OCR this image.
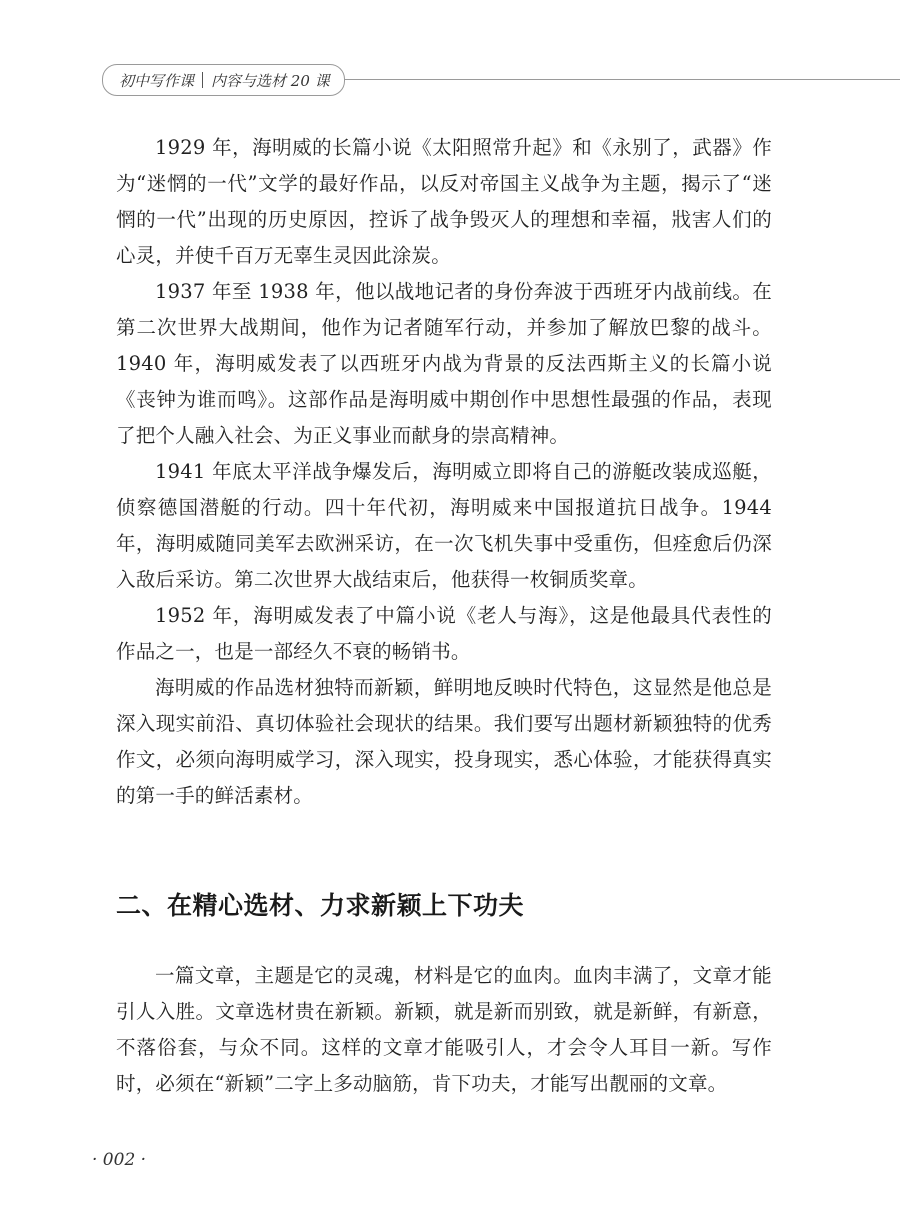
初中写作课 内容与选材 20 课

1929 年，海明威的长篇小说《太阳照常升起》和《永别了，武器》作为“迷惘的一代”文学的最好作品，以反对帝国主义战争为主题，揭示了“迷惘的一代”出现的历史原因，控诉了战争毁灭人的理想和幸福，戕害人们的心灵，并使千百万无辜生灵因此涂炭。

1937 年至 1938 年，他以战地记者的身份奔波于西班牙内战前线。在第二次世界大战期间，他作为记者随军行动，并参加了解放巴黎的战斗。1940 年，海明威发表了以西班牙内战为背景的反法西斯主义的长篇小说《丧钟为谁而鸣》。这部作品是海明威中期创作中思想性最强的作品，表现了把个人融入社会、为正义事业而献身的崇高精神。

1941 年底太平洋战争爆发后，海明威立即将自己的游艇改装成巡艇，侦察德国潜艇的行动。四十年代初，海明威来中国报道抗日战争。1944 年，海明威随同美军去欧洲采访，在一次飞机失事中受重伤，但痊愈后仍深入敌后采访。第二次世界大战结束后，他获得一枚铜质奖章。

1952 年，海明威发表了中篇小说《老人与海》，这是他最具代表性的作品之一，也是一部经久不衰的畅销书。

海明威的作品选材独特而新颖，鲜明地反映时代特色，这显然是他总是深入现实前沿、真切体验社会现状的结果。我们要写出题材新颖独特的优秀作文，必须向海明威学习，深入现实，投身现实，悉心体验，才能获得真实的第一手的鲜活素材。

二、在精心选材、力求新颖上下功夫

一篇文章，主题是它的灵魂，材料是它的血肉。血肉丰满了，文章才能引人入胜。文章选材贵在新颖。新颖，就是新而别致，就是新鲜，有新意，不落俗套，与众不同。这样的文章才能吸引人，才会令人耳目一新。写作时，必须在“新颖”二字上多动脑筋，肯下功夫，才能写出靓丽的文章。

· 002 ·
